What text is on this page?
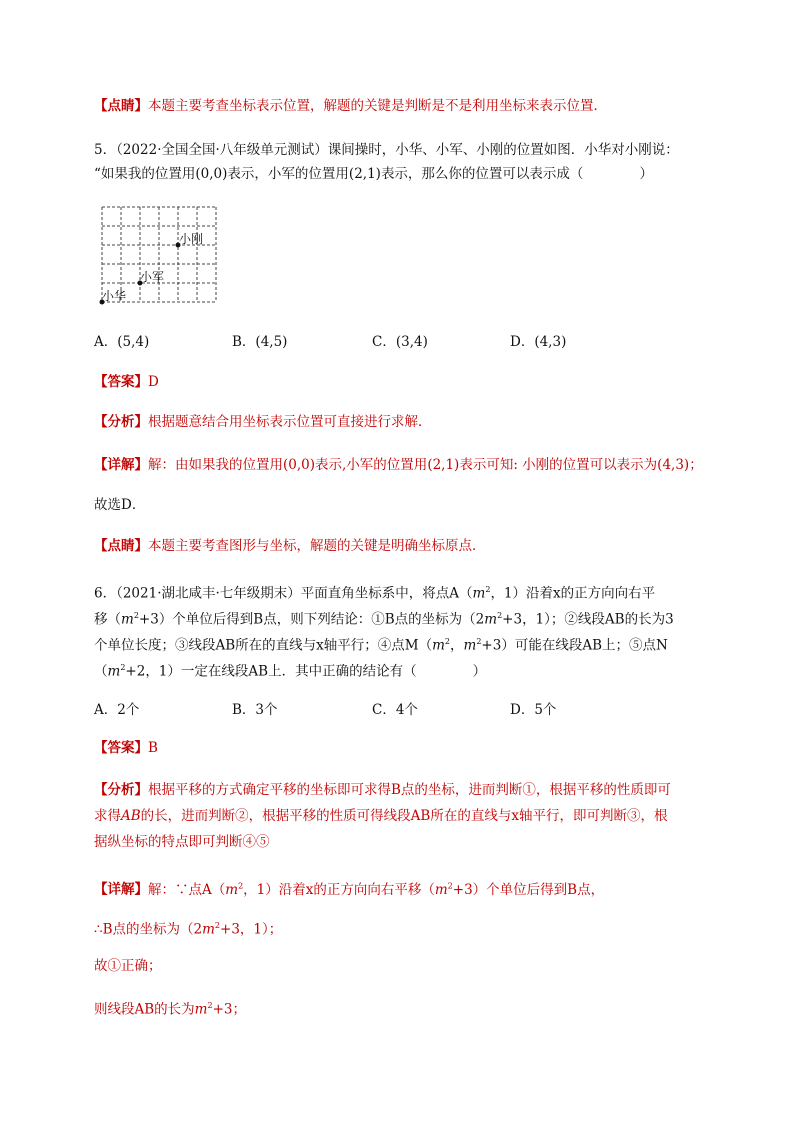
【点睛】本题主要考查坐标表示位置，解题的关键是判断是不是利用坐标来表示位置．
5．（2022·全国全国·八年级单元测试）课间操时，小华、小军、小刚的位置如图．小华对小刚说：
“如果我的位置用(0,0)表示，小军的位置用(2,1)表示，那么你的位置可以表示成（	）
小刚
小军
小华
A．(5,4)	B．(4,5)	C．(3,4)	D．(4,3)
【答案】D
【分析】根据题意结合用坐标表示位置可直接进行求解．
【详解】解：由如果我的位置用(0,0)表示,小军的位置用(2,1)表示可知: 小刚的位置可以表示为(4,3)；
故选D．
【点睛】本题主要考查图形与坐标，解题的关键是明确坐标原点．
6．（2021·湖北咸丰·七年级期末）平面直角坐标系中，将点$A(m^2$，1）沿着x的正方向向右平
移$(m^2+3)$个单位后得到B点，则下列结论：①B点的坐标为（$2m^2+3$，1）；②线段AB的长为3
个单位长度；③线段AB所在的直线与x轴平行；④点$M(m^2$，$m^2+3$）可能在线段AB上；⑤点N
（$m^2+2$，1）一定在线段AB上．其中正确的结论有（	）
A．2个	B．3个	C．4个	D．5个
【答案】B
【分析】根据平移的方式确定平移的坐标即可求得B点的坐标，进而判断①，根据平移的性质即可
求得AB的长，进而判断②，根据平移的性质可得线段AB所在的直线与x轴平行，即可判断③，根
据纵坐标的特点即可判断④⑤
【详解】解：∵点$A(m^2$，1）沿着x的正方向向右平移$(m^2+3)$个单位后得到B点，
∴B点的坐标为（$2m^2+3$，1）；
故①正确；
则线段AB的长为$m^2+3$；
